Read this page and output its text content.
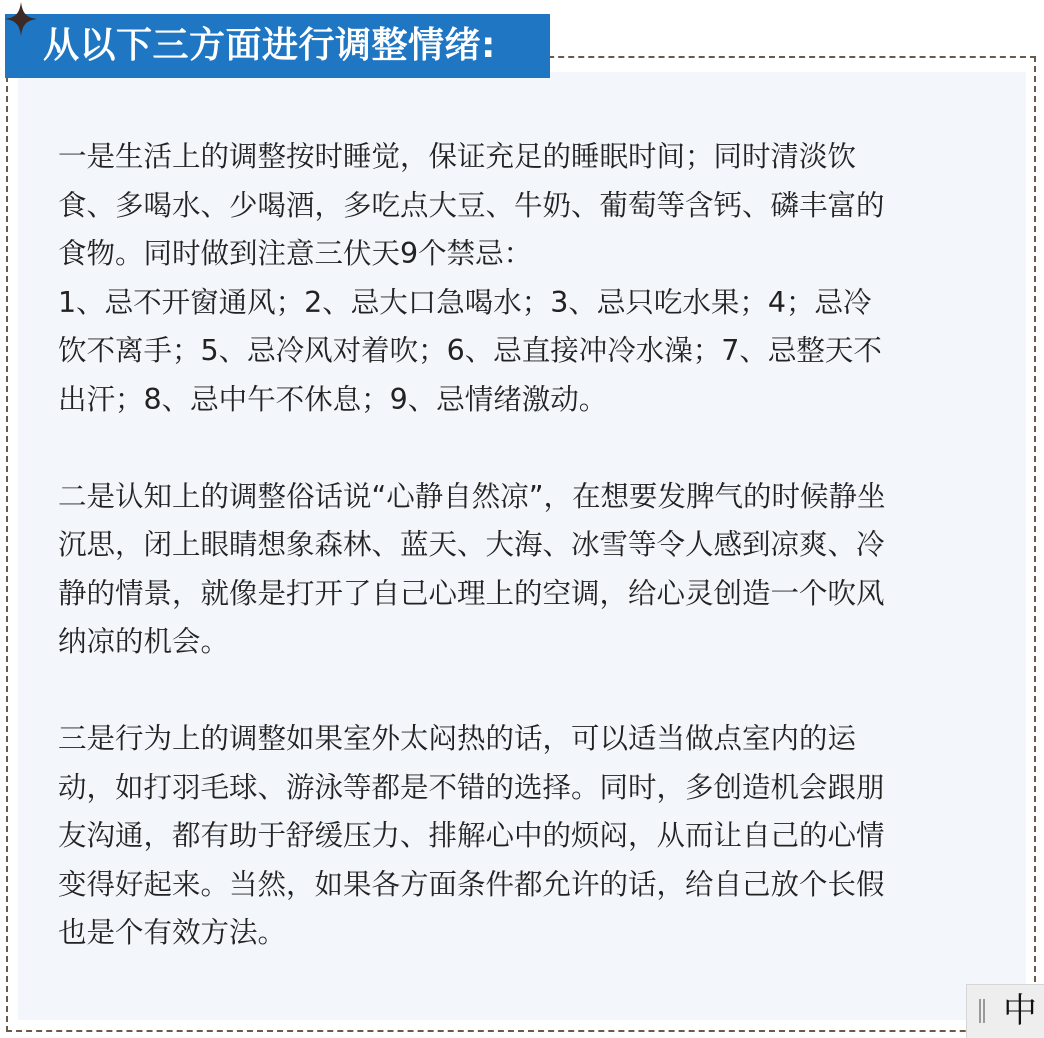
从以下三方面进行调整情绪:

一是生活上的调整按时睡觉，保证充足的睡眠时间；同时清淡饮
食、多喝水、少喝酒，多吃点大豆、牛奶、葡萄等含钙、磷丰富的
食物。同时做到注意三伏天9个禁忌：
1、忌不开窗通风；2、忌大口急喝水；3、忌只吃水果；4；忌冷
饮不离手；5、忌冷风对着吹；6、忌直接冲冷水澡；7、忌整天不
出汗；8、忌中午不休息；9、忌情绪激动。

二是认知上的调整俗话说“心静自然凉”，在想要发脾气的时候静坐
沉思，闭上眼睛想象森林、蓝天、大海、冰雪等令人感到凉爽、冷
静的情景，就像是打开了自己心理上的空调，给心灵创造一个吹风
纳凉的机会。

三是行为上的调整如果室外太闷热的话，可以适当做点室内的运
动，如打羽毛球、游泳等都是不错的选择。同时，多创造机会跟朋
友沟通，都有助于舒缓压力、排解心中的烦闷，从而让自己的心情
变得好起来。当然，如果各方面条件都允许的话，给自己放个长假
也是个有效方法。

中
